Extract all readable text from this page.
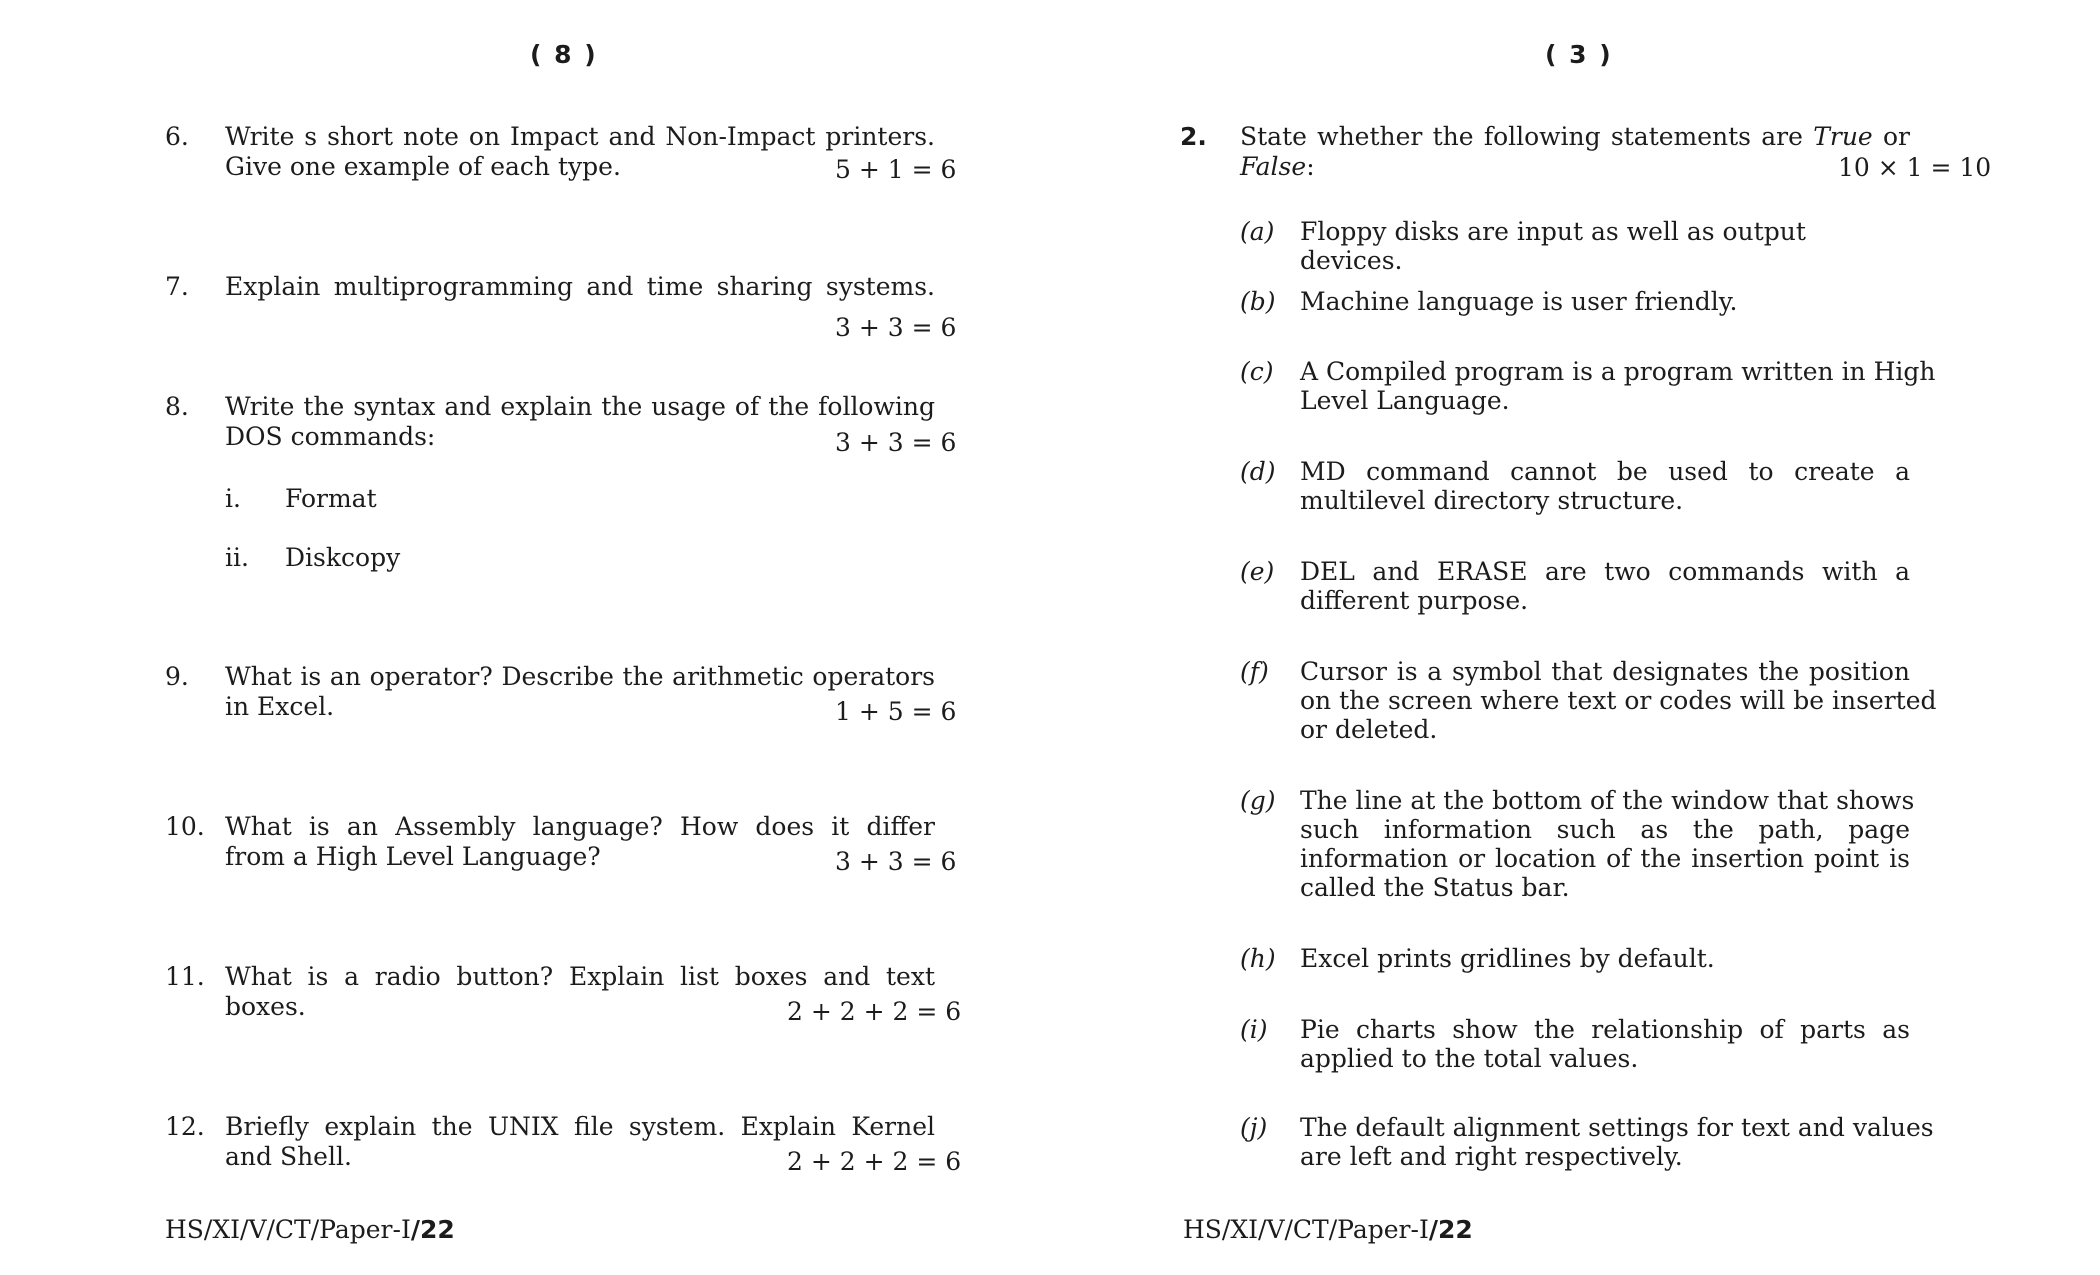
( 8 )
6. Write s short note on Impact and Non-Impact printers.
Give one example of each type.	5 + 1 = 6
7. Explain multiprogramming and time sharing systems.
3 + 3 = 6
8. Write the syntax and explain the usage of the following
DOS commands:	3 + 3 = 6
i. Format
ii. Diskcopy
9. What is an operator? Describe the arithmetic operators
in Excel.	1 + 5 = 6
10. What is an Assembly language? How does it differ
from a High Level Language?	3 + 3 = 6
11. What is a radio button? Explain list boxes and text
boxes.	2 + 2 + 2 = 6
12. Briefly explain the UNIX file system. Explain Kernel
and Shell.	2 + 2 + 2 = 6
HS/XI/V/CT/Paper-I/22
( 3 )
2. State whether the following statements are True or
False:	10 × 1 = 10
(a) Floppy disks are input as well as output devices.
(b) Machine language is user friendly.
(c) A Compiled program is a program written in High
Level Language.
(d) MD command cannot be used to create a
multilevel directory structure.
(e) DEL and ERASE are two commands with a
different purpose.
(f) Cursor is a symbol that designates the position
on the screen where text or codes will be inserted
or deleted.
(g) The line at the bottom of the window that shows
such information such as the path, page
information or location of the insertion point is
called the Status bar.
(h) Excel prints gridlines by default.
(i) Pie charts show the relationship of parts as
applied to the total values.
(j) The default alignment settings for text and values
are left and right respectively.
HS/XI/V/CT/Paper-I/22
